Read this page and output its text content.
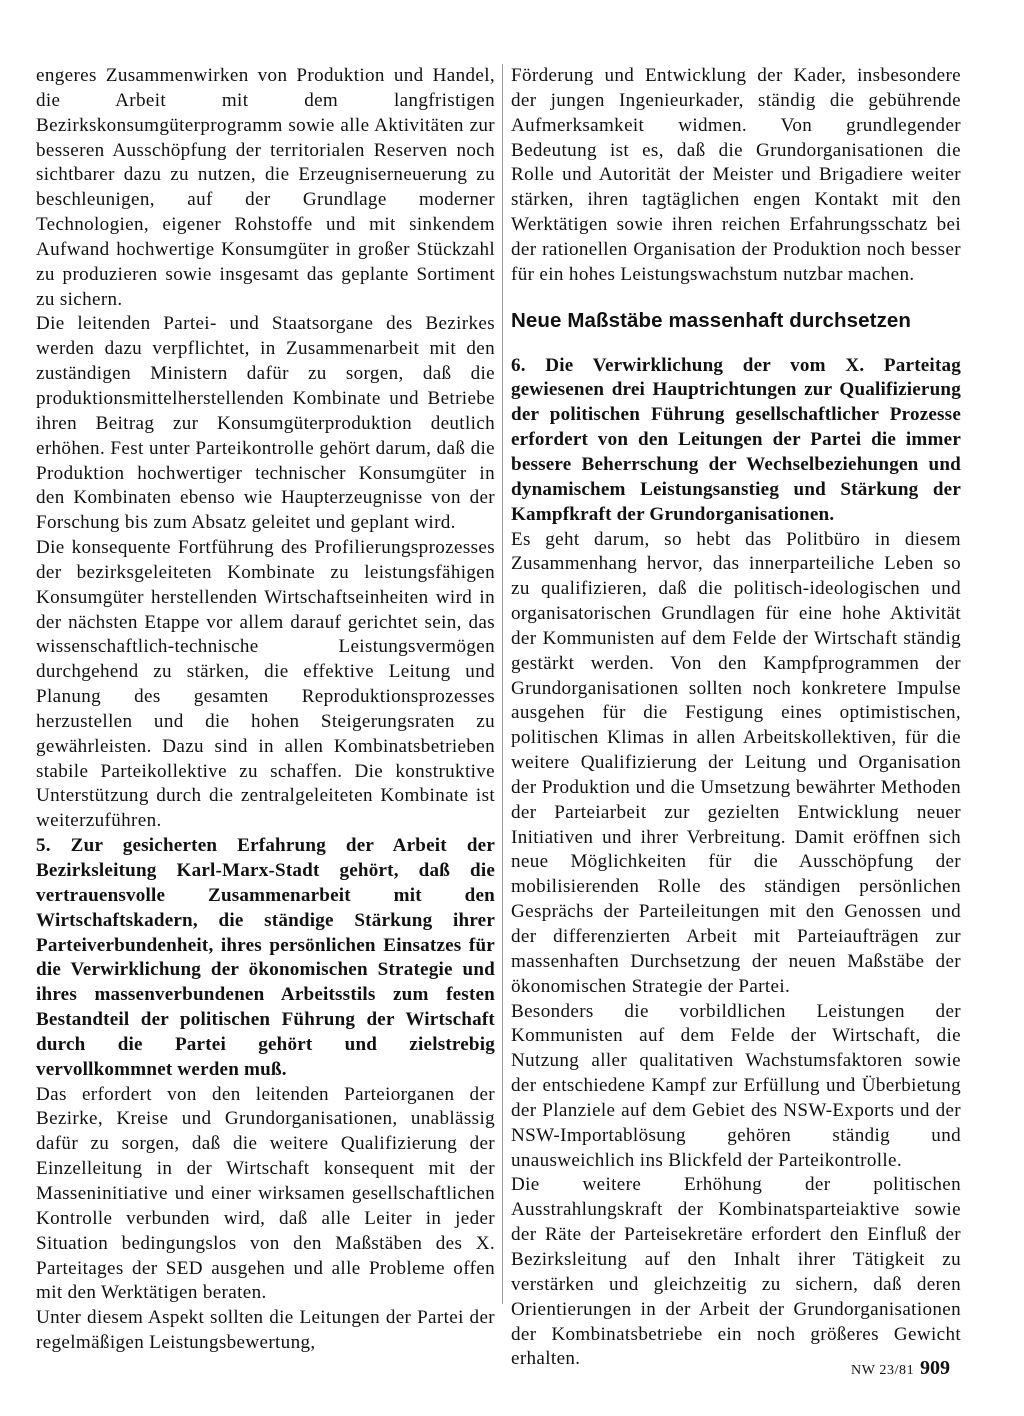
engeres Zusammenwirken von Produktion und Handel, die Arbeit mit dem langfristigen Bezirkskonsumgüterprogramm sowie alle Aktivitäten zur besseren Ausschöpfung der territorialen Reserven noch sichtbarer dazu zu nutzen, die Erzeugniserneuerung zu beschleunigen, auf der Grundlage moderner Technologien, eigener Rohstoffe und mit sinkendem Aufwand hochwertige Konsumgüter in großer Stückzahl zu produzieren sowie insgesamt das geplante Sortiment zu sichern.

Die leitenden Partei- und Staatsorgane des Bezirkes werden dazu verpflichtet, in Zusammenarbeit mit den zuständigen Ministern dafür zu sorgen, daß die produktionsmittelherstellenden Kombinate und Betriebe ihren Beitrag zur Konsumgüterproduktion deutlich erhöhen. Fest unter Parteikontrolle gehört darum, daß die Produktion hochwertiger technischer Konsumgüter in den Kombinaten ebenso wie Haupterzeugnisse von der Forschung bis zum Absatz geleitet und geplant wird.

Die konsequente Fortführung des Profilierungsprozesses der bezirksgeleiteten Kombinate zu leistungsfähigen Konsumgüter herstellenden Wirtschaftseinheiten wird in der nächsten Etappe vor allem darauf gerichtet sein, das wissenschaftlich-technische Leistungsvermögen durchgehend zu stärken, die effektive Leitung und Planung des gesamten Reproduktionsprozesses herzustellen und die hohen Steigerungsraten zu gewährleisten. Dazu sind in allen Kombinatsbetrieben stabile Parteikollektive zu schaffen. Die konstruktive Unterstützung durch die zentralgeleiteten Kombinate ist weiterzuführen.

5. Zur gesicherten Erfahrung der Arbeit der Bezirksleitung Karl-Marx-Stadt gehört, daß die vertrauensvolle Zusammenarbeit mit den Wirtschaftskadern, die ständige Stärkung ihrer Parteiverbundenheit, ihres persönlichen Einsatzes für die Verwirklichung der ökonomischen Strategie und ihres massenverbundenen Arbeitsstils zum festen Bestandteil der politischen Führung der Wirtschaft durch die Partei gehört und zielstrebig vervollkommnet werden muß.

Das erfordert von den leitenden Parteiorganen der Bezirke, Kreise und Grundorganisationen, unablässig dafür zu sorgen, daß die weitere Qualifizierung der Einzelleitung in der Wirtschaft konsequent mit der Masseninitiative und einer wirksamen gesellschaftlichen Kontrolle verbunden wird, daß alle Leiter in jeder Situation bedingungslos von den Maßstäben des X. Parteitages der SED ausgehen und alle Probleme offen mit den Werktätigen beraten.

Unter diesem Aspekt sollten die Leitungen der Partei der regelmäßigen Leistungsbewertung,

Förderung und Entwicklung der Kader, insbesondere der jungen Ingenieurkader, ständig die gebührende Aufmerksamkeit widmen. Von grundlegender Bedeutung ist es, daß die Grundorganisationen die Rolle und Autorität der Meister und Brigadiere weiter stärken, ihren tagtäglichen engen Kontakt mit den Werktätigen sowie ihren reichen Erfahrungsschatz bei der rationellen Organisation der Produktion noch besser für ein hohes Leistungswachstum nutzbar machen.

Neue Maßstäbe massenhaft durchsetzen

6. Die Verwirklichung der vom X. Parteitag gewiesenen drei Hauptrichtungen zur Qualifizierung der politischen Führung gesellschaftlicher Prozesse erfordert von den Leitungen der Partei die immer bessere Beherrschung der Wechselbeziehungen und dynamischem Leistungsanstieg und Stärkung der Kampfkraft der Grundorganisationen.

Es geht darum, so hebt das Politbüro in diesem Zusammenhang hervor, das innerparteiliche Leben so zu qualifizieren, daß die politisch-ideologischen und organisatorischen Grundlagen für eine hohe Aktivität der Kommunisten auf dem Felde der Wirtschaft ständig gestärkt werden. Von den Kampfprogrammen der Grundorganisationen sollten noch konkretere Impulse ausgehen für die Festigung eines optimistischen, politischen Klimas in allen Arbeitskollektiven, für die weitere Qualifizierung der Leitung und Organisation der Produktion und die Umsetzung bewährter Methoden der Parteiarbeit zur gezielten Entwicklung neuer Initiativen und ihrer Verbreitung. Damit eröffnen sich neue Möglichkeiten für die Ausschöpfung der mobilisierenden Rolle des ständigen persönlichen Gesprächs der Parteileitungen mit den Genossen und der differenzierten Arbeit mit Parteiaufträgen zur massenhaften Durchsetzung der neuen Maßstäbe der ökonomischen Strategie der Partei.

Besonders die vorbildlichen Leistungen der Kommunisten auf dem Felde der Wirtschaft, die Nutzung aller qualitativen Wachstumsfaktoren sowie der entschiedene Kampf zur Erfüllung und Überbietung der Planziele auf dem Gebiet des NSW-Exports und der NSW-Importablösung gehören ständig und unausweichlich ins Blickfeld der Parteikontrolle.

Die weitere Erhöhung der politischen Ausstrahlungskraft der Kombinatsparteiaktive sowie der Räte der Parteisekretäre erfordert den Einfluß der Bezirksleitung auf den Inhalt ihrer Tätigkeit zu verstärken und gleichzeitig zu sichern, daß deren Orientierungen in der Arbeit der Grundorganisationen der Kombinatsbetriebe ein noch größeres Gewicht erhalten.

NW 23/81 909
